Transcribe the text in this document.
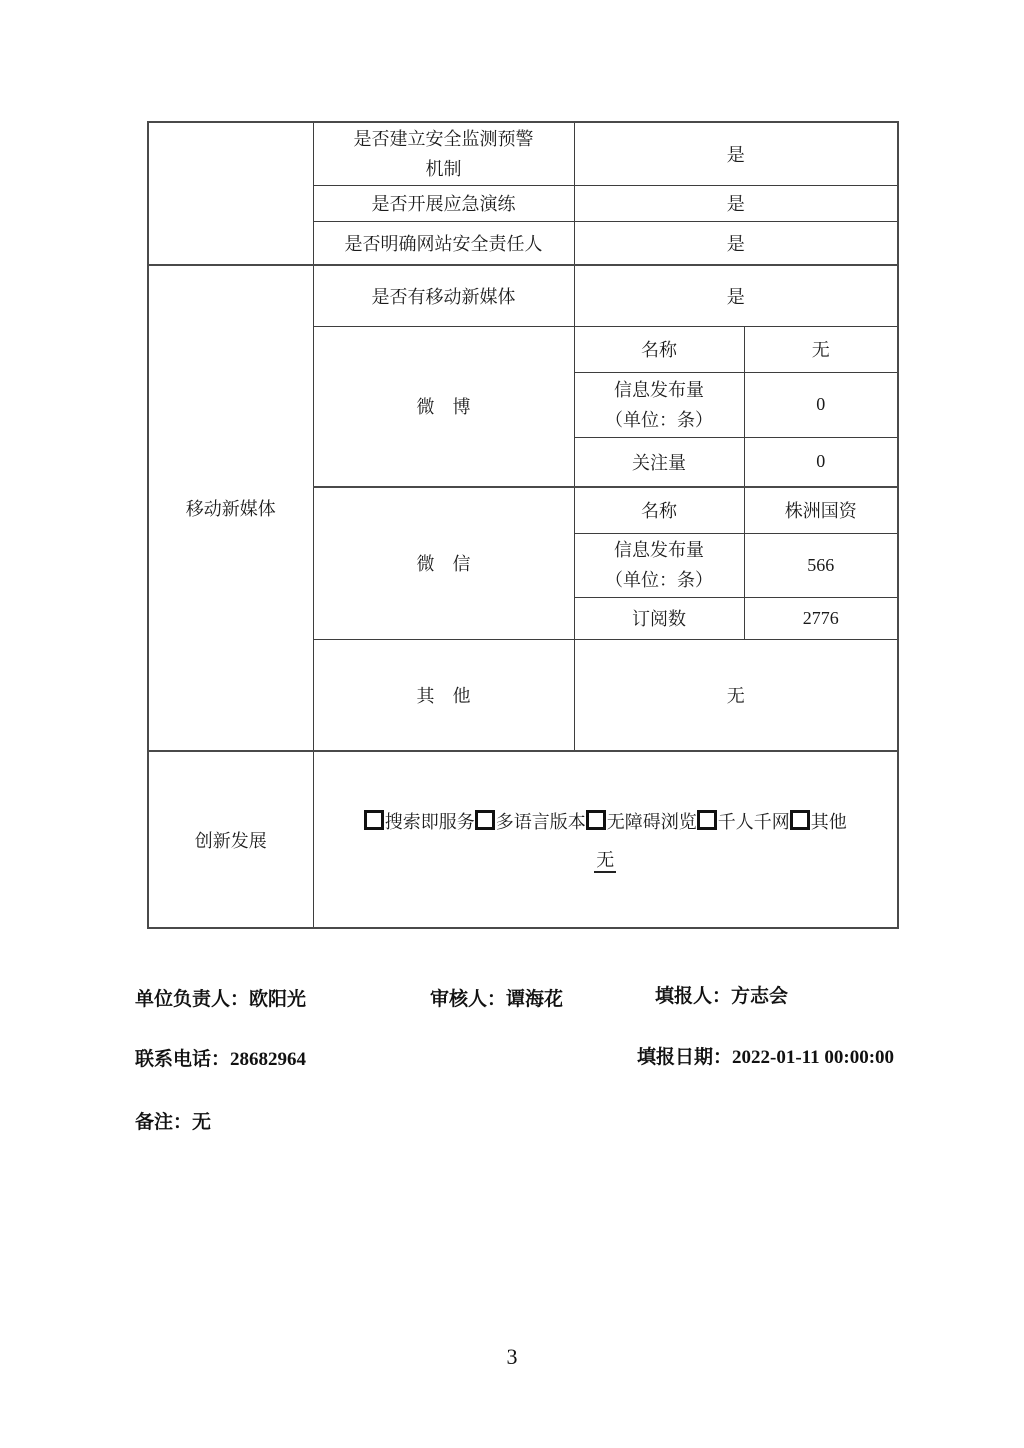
	是否建立安全监测预警
机制	是	
	是否开展应急演练	是	
	是否明确网站安全责任人	是	
移动新媒体	是否有移动新媒体	是	
	微　博	名称	无

		信息发布量
（单位：条）	0
		关注量	0
	微　信	名称	株洲国资

		信息发布量
（单位：条）	566
		订阅数	2776
	其　他	无	
创新发展	搜索即服务 多语言版本 无障碍浏览 千人千网 其他
无		
单位负责人：欧阳光	审核人：谭海花	填报人：方志会
联系电话：28682964	填报日期：2022-01-11 00:00:00
备注：无
3
